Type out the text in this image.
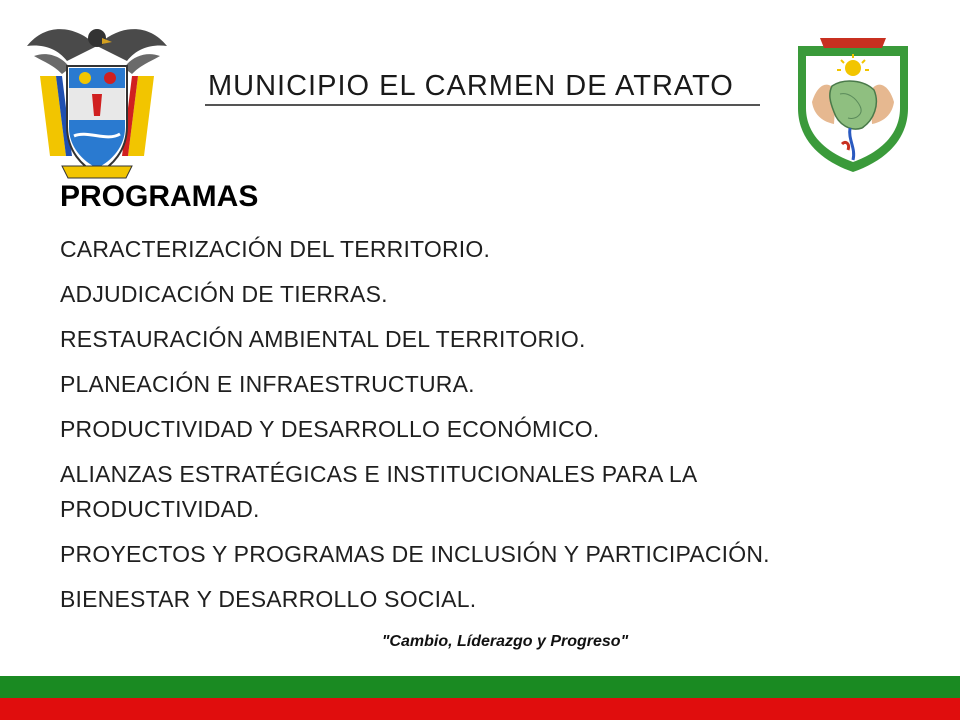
MUNICIPIO EL CARMEN DE ATRATO
PROGRAMAS
CARACTERIZACIÓN DEL TERRITORIO.
ADJUDICACIÓN DE TIERRAS.
RESTAURACIÓN AMBIENTAL DEL TERRITORIO.
PLANEACIÓN E INFRAESTRUCTURA.
PRODUCTIVIDAD Y DESARROLLO ECONÓMICO.
ALIANZAS ESTRATÉGICAS E INSTITUCIONALES PARA LA PRODUCTIVIDAD.
PROYECTOS Y PROGRAMAS DE INCLUSIÓN Y PARTICIPACIÓN.
BIENESTAR Y DESARROLLO SOCIAL.
"Cambio, Líderazgo y Progreso"
